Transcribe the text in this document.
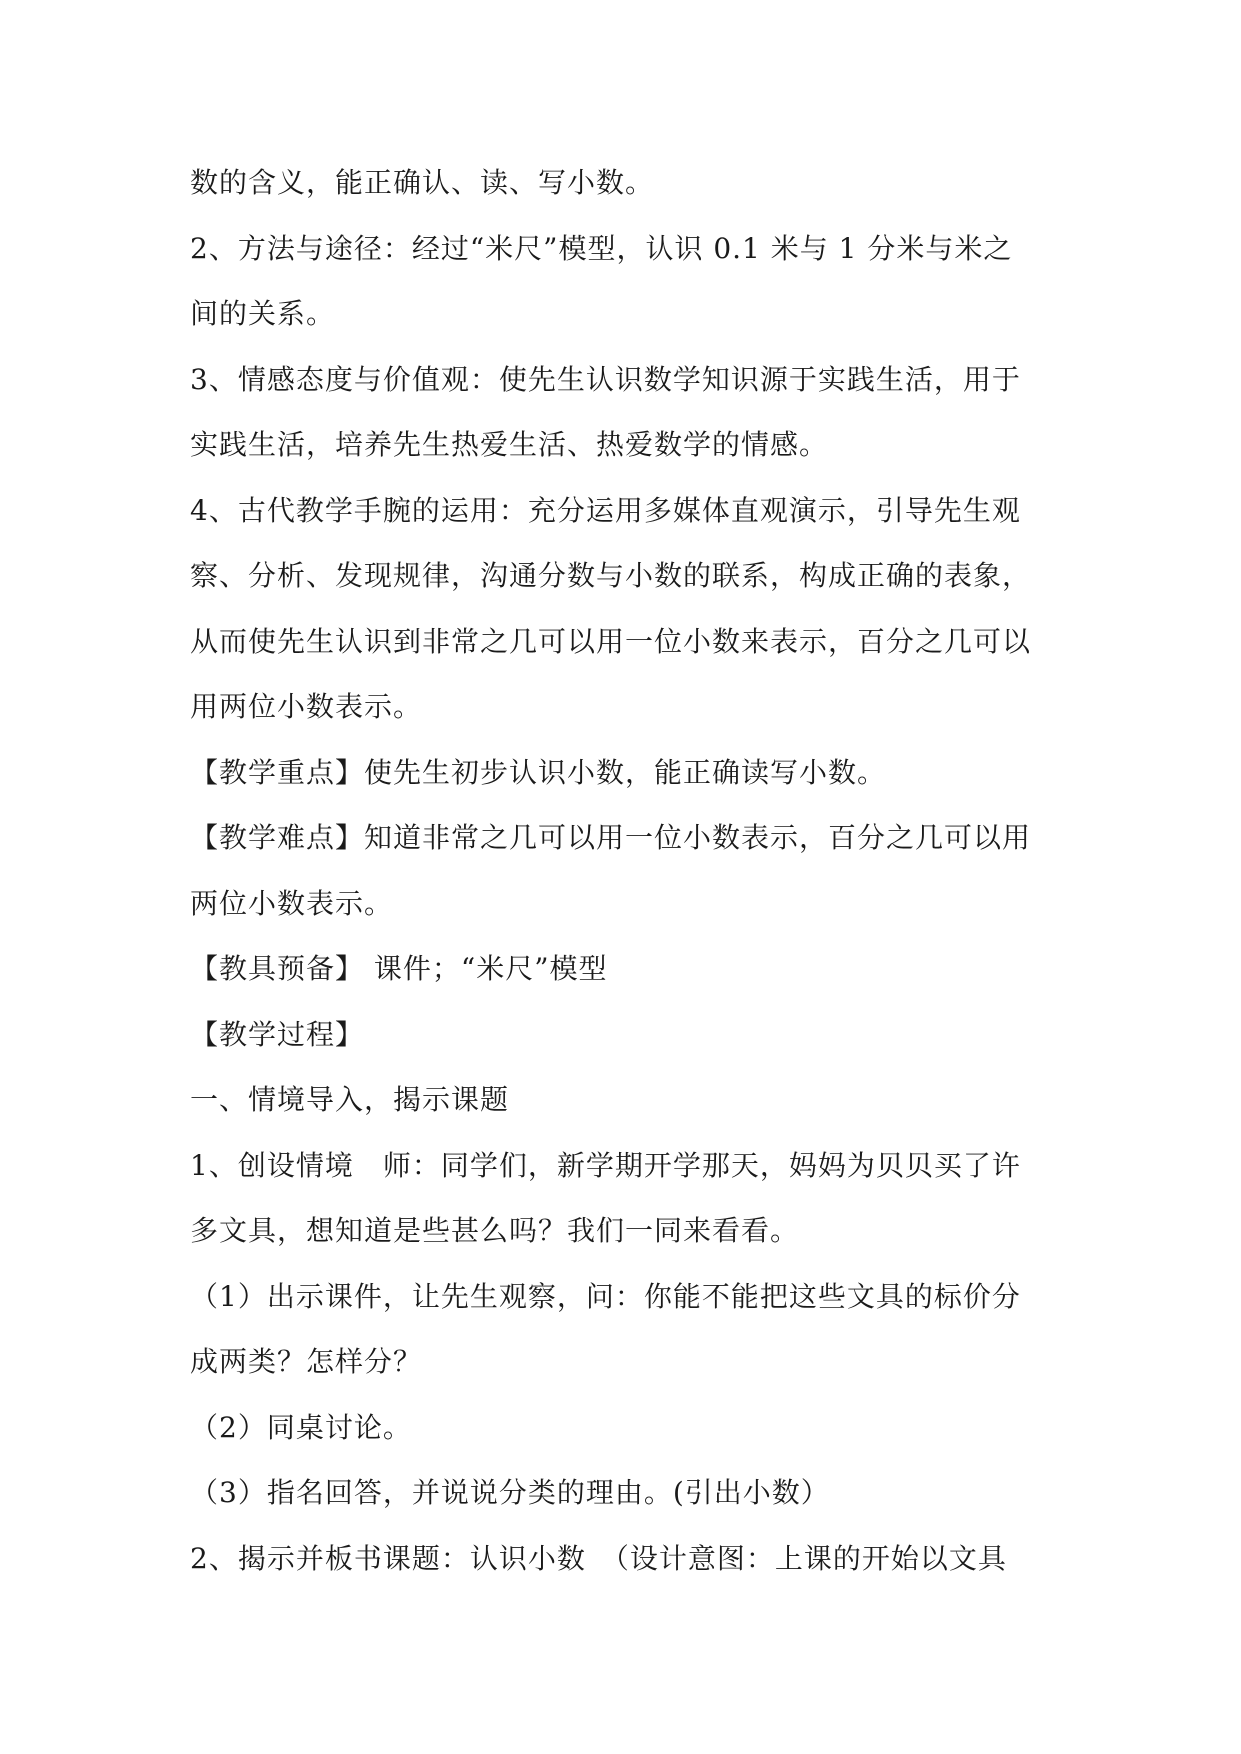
数的含义，能正确认、读、写小数。
2、方法与途径：经过“米尺”模型，认识 0.1 米与 1 分米与米之
间的关系。
3、情感态度与价值观：使先生认识数学知识源于实践生活，用于
实践生活，培养先生热爱生活、热爱数学的情感。
4、古代教学手腕的运用：充分运用多媒体直观演示，引导先生观
察、分析、发现规律，沟通分数与小数的联系，构成正确的表象，
从而使先生认识到非常之几可以用一位小数来表示，百分之几可以
用两位小数表示。
【教学重点】使先生初步认识小数，能正确读写小数。
【教学难点】知道非常之几可以用一位小数表示，百分之几可以用
两位小数表示。
【教具预备】 课件；“米尺”模型
【教学过程】
一、情境导入，揭示课题
1、创设情境　师：同学们，新学期开学那天，妈妈为贝贝买了许
多文具，想知道是些甚么吗？我们一同来看看。
（1）出示课件，让先生观察，问：你能不能把这些文具的标价分
成两类？怎样分？
（2）同桌讨论。
（3）指名回答，并说说分类的理由。(引出小数）
2、揭示并板书课题：认识小数　（设计意图：上课的开始以文具
